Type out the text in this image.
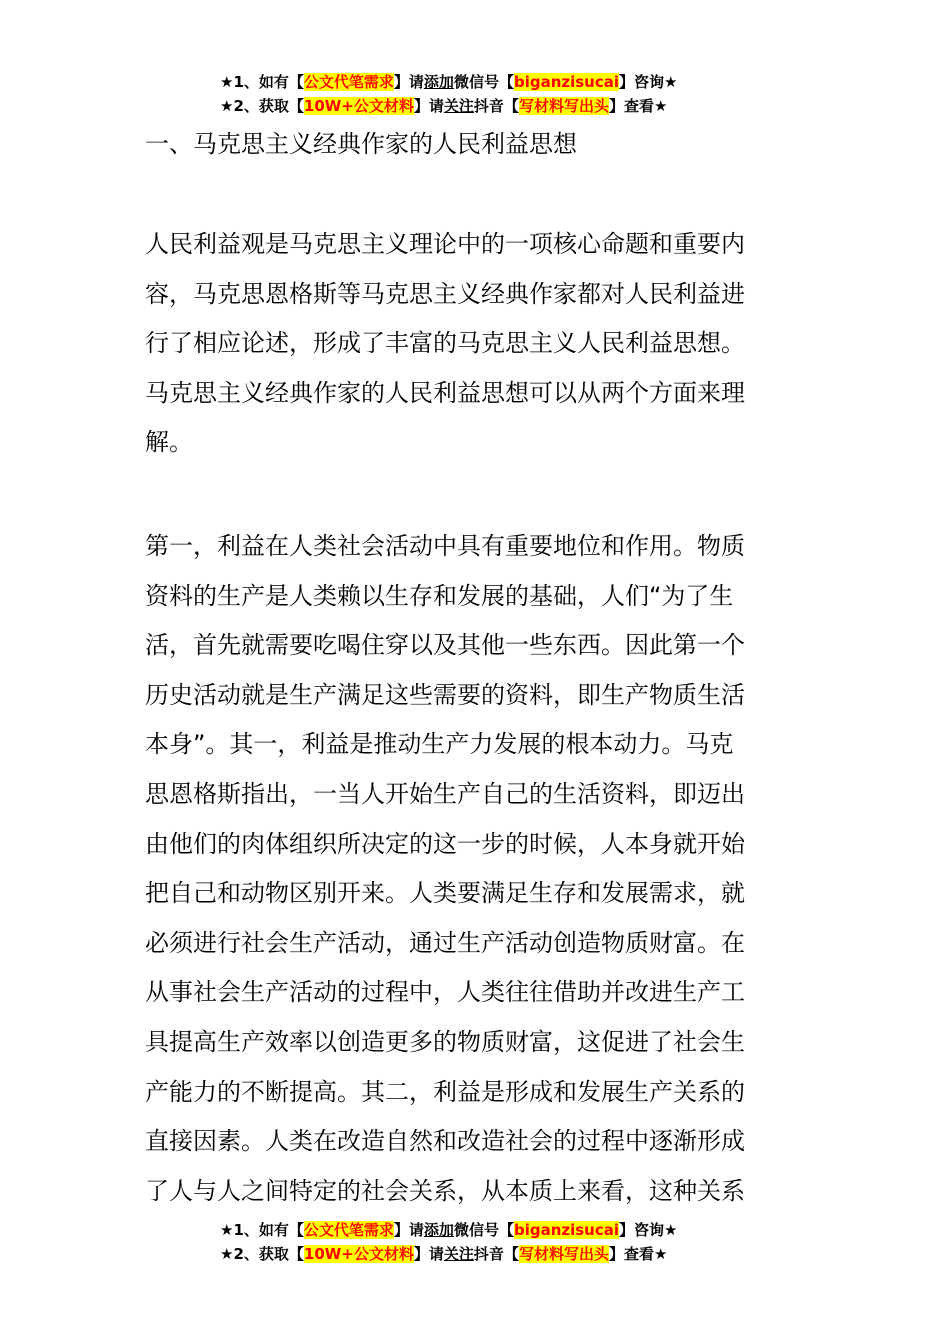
★1、如有【公文代笔需求】请添加微信号【biganzisucai】咨询★
★2、获取【10W+公文材料】请关注抖音【写材料写出头】查看★
一、马克思主义经典作家的人民利益思想
人民利益观是马克思主义理论中的一项核心命题和重要内
容，马克思恩格斯等马克思主义经典作家都对人民利益进
行了相应论述，形成了丰富的马克思主义人民利益思想。
马克思主义经典作家的人民利益思想可以从两个方面来理
解。
第一，利益在人类社会活动中具有重要地位和作用。物质
资料的生产是人类赖以生存和发展的基础，人们“为了生
活，首先就需要吃喝住穿以及其他一些东西。因此第一个
历史活动就是生产满足这些需要的资料，即生产物质生活
本身”。其一，利益是推动生产力发展的根本动力。马克
思恩格斯指出，一当人开始生产自己的生活资料，即迈出
由他们的肉体组织所决定的这一步的时候，人本身就开始
把自己和动物区别开来。人类要满足生存和发展需求，就
必须进行社会生产活动，通过生产活动创造物质财富。在
从事社会生产活动的过程中，人类往往借助并改进生产工
具提高生产效率以创造更多的物质财富，这促进了社会生
产能力的不断提高。其二，利益是形成和发展生产关系的
直接因素。人类在改造自然和改造社会的过程中逐渐形成
了人与人之间特定的社会关系，从本质上来看，这种关系
★1、如有【公文代笔需求】请添加微信号【biganzisucai】咨询★
★2、获取【10W+公文材料】请关注抖音【写材料写出头】查看★
